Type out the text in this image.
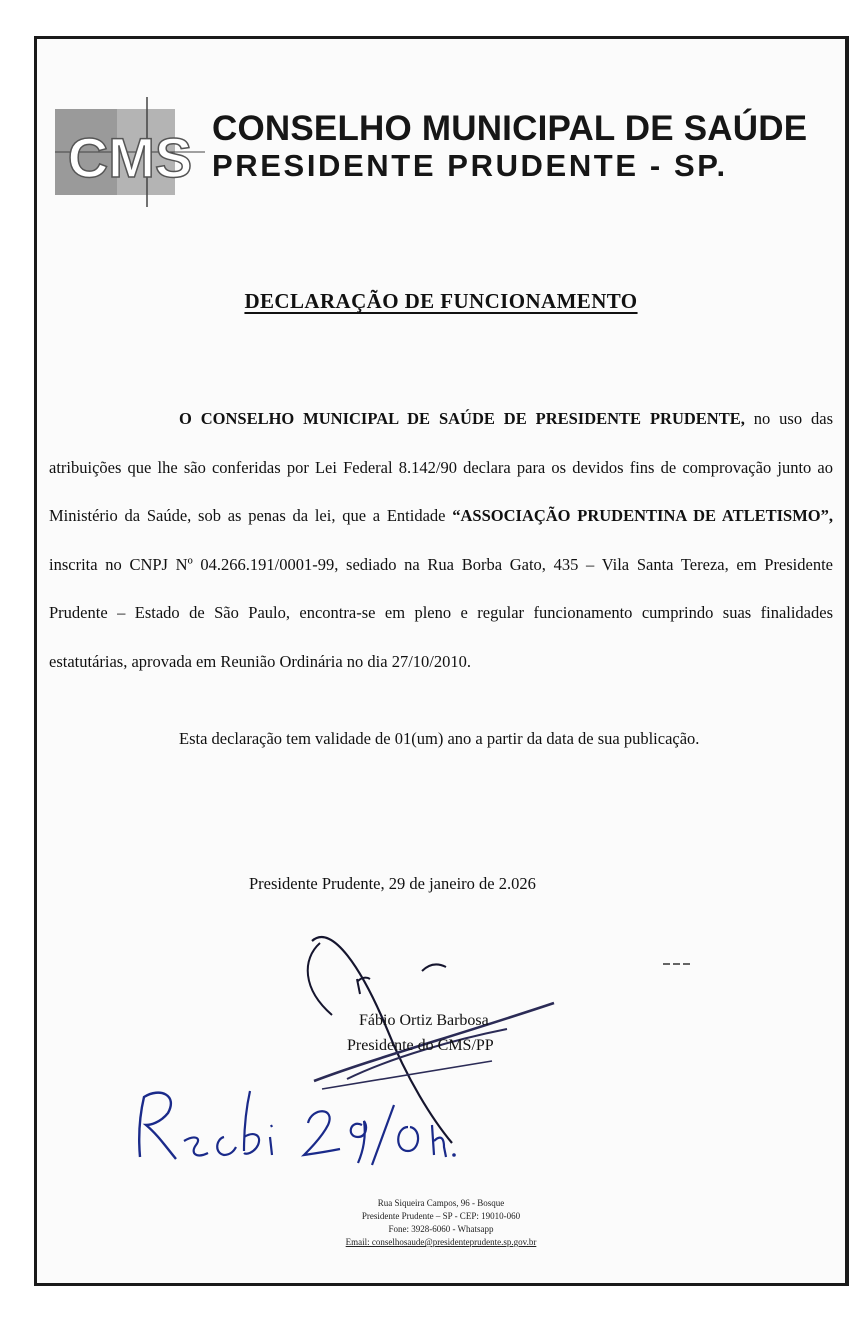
CMS CONSELHO MUNICIPAL DE SAÚDE
PRESIDENTE PRUDENTE - SP.
DECLARAÇÃO DE FUNCIONAMENTO

O CONSELHO MUNICIPAL DE SAÚDE DE PRESIDENTE PRUDENTE, no uso das atribuições que lhe são conferidas por Lei Federal 8.142/90 declara para os devidos fins de comprovação junto ao Ministério da Saúde, sob as penas da lei, que a Entidade “ASSOCIAÇÃO PRUDENTINA DE ATLETISMO”, inscrita no CNPJ Nº 04.266.191/0001-99, sediado na Rua Borba Gato, 435 – Vila Santa Tereza, em Presidente Prudente – Estado de São Paulo, encontra-se em pleno e regular funcionamento cumprindo suas finalidades estatutárias, aprovada em Reunião Ordinária no dia 27/10/2010.

Esta declaração tem validade de 01(um) ano a partir da data de sua publicação.
Presidente Prudente, 29 de janeiro de 2.026
Fábio Ortiz Barbosa
Presidente do CMS/PP
Rua Siqueira Campos, 96 - Bosque
Presidente Prudente – SP - CEP: 19010-060
Fone: 3928-6060 - Whatsapp
Email: conselhosaude@presidenteprudente.sp.gov.br
